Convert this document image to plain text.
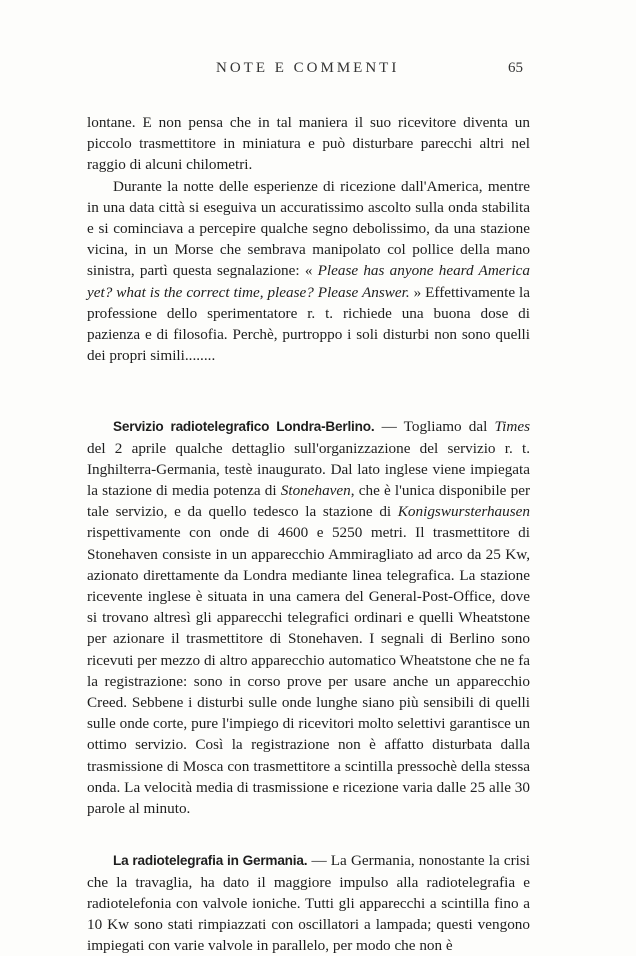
NOTE E COMMENTI	65

lontane. E non pensa che in tal maniera il suo ricevitore diventa un piccolo trasmettitore in miniatura e può disturbare parecchi altri nel raggio di alcuni chilometri.

Durante la notte delle esperienze di ricezione dall'America, mentre in una data città si eseguiva un accuratissimo ascolto sulla onda stabilita e si cominciava a percepire qualche segno debolissimo, da una stazione vicina, in un Morse che sembrava manipolato col pollice della mano sinistra, partì questa segnalazione: « Please has anyone heard America yet? what is the correct time, please? Please Answer. » Effettivamente la professione dello sperimentatore r. t. richiede una buona dose di pazienza e di filosofia. Perchè, purtroppo i soli disturbi non sono quelli dei propri simili........

Servizio radiotelegrafico Londra-Berlino. — Togliamo dal Times del 2 aprile qualche dettaglio sull'organizzazione del servizio r. t. Inghilterra-Germania, testè inaugurato. Dal lato inglese viene impiegata la stazione di media potenza di Stonehaven, che è l'unica disponibile per tale servizio, e da quello tedesco la stazione di Konigswursterhausen rispettivamente con onde di 4600 e 5250 metri. Il trasmettitore di Stonehaven consiste in un apparecchio Ammiragliato ad arco da 25 Kw, azionato direttamente da Londra mediante linea telegrafica. La stazione ricevente inglese è situata in una camera del General-Post-Office, dove si trovano altresì gli apparecchi telegrafici ordinari e quelli Wheatstone per azionare il trasmettitore di Stonehaven. I segnali di Berlino sono ricevuti per mezzo di altro apparecchio automatico Wheatstone che ne fa la registrazione: sono in corso prove per usare anche un apparecchio Creed. Sebbene i disturbi sulle onde lunghe siano più sensibili di quelli sulle onde corte, pure l'impiego di ricevitori molto selettivi garantisce un ottimo servizio. Così la registrazione non è affatto disturbata dalla trasmissione di Mosca con trasmettitore a scintilla pressochè della stessa onda. La velocità media di trasmissione e ricezione varia dalle 25 alle 30 parole al minuto.

La radiotelegrafia in Germania. — La Germania, nonostante la crisi che la travaglia, ha dato il maggiore impulso alla radiotelegrafia e radiotelefonia con valvole ioniche. Tutti gli apparecchi a scintilla fino a 10 Kw sono stati rimpiazzati con oscillatori a lampada; questi vengono impiegati con varie valvole in parallelo, per modo che non è
